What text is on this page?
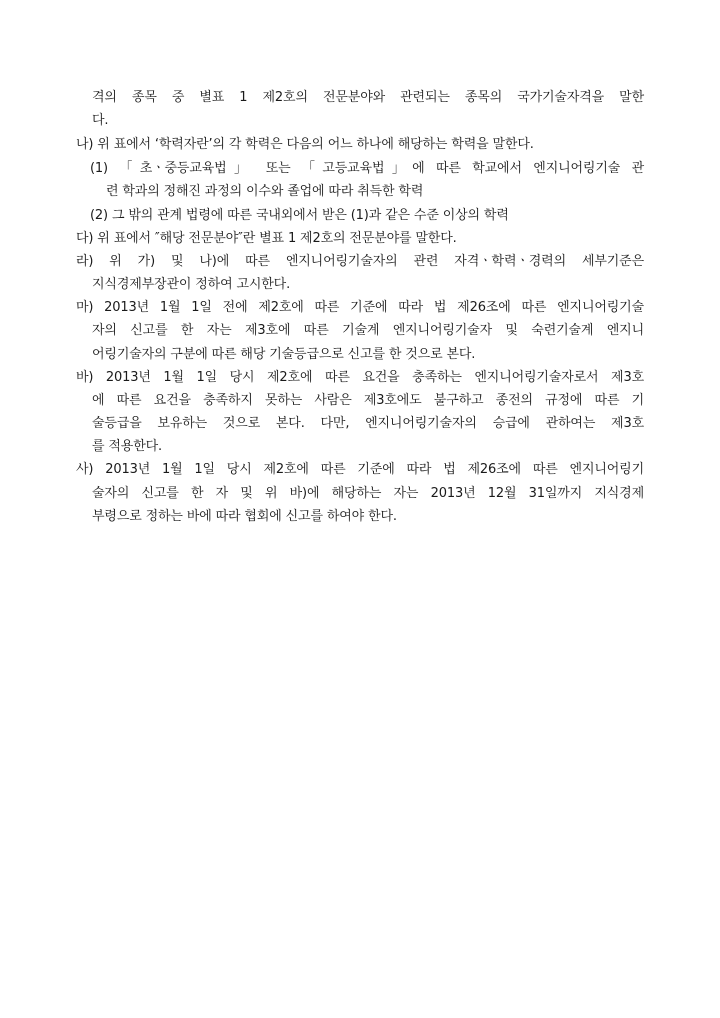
격의 종목 중 별표 1 제2호의 전문분야와 관련되는 종목의 국가기술자격을 말한
다.
나) 위 표에서 ‘학력자란’의 각 학력은 다음의 어느 하나에 해당하는 학력을 말한다.
(1) 「초ㆍ중등교육법」 또는 「고등교육법」에 따른 학교에서 엔지니어링기술 관
련 학과의 정해진 과정의 이수와 졸업에 따라 취득한 학력
(2) 그 밖의 관계 법령에 따른 국내외에서 받은 (1)과 같은 수준 이상의 학력
다) 위 표에서 ″해당 전문분야″란 별표 1 제2호의 전문분야를 말한다.
라) 위 가) 및 나)에 따른 엔지니어링기술자의 관련 자격ㆍ학력ㆍ경력의 세부기준은
지식경제부장관이 정하여 고시한다.
마) 2013년 1월 1일 전에 제2호에 따른 기준에 따라 법 제26조에 따른 엔지니어링기술
자의 신고를 한 자는 제3호에 따른 기술계 엔지니어링기술자 및 숙련기술계 엔지니
어링기술자의 구분에 따른 해당 기술등급으로 신고를 한 것으로 본다.
바) 2013년 1월 1일 당시 제2호에 따른 요건을 충족하는 엔지니어링기술자로서 제3호
에 따른 요건을 충족하지 못하는 사람은 제3호에도 불구하고 종전의 규정에 따른 기
술등급을 보유하는 것으로 본다. 다만, 엔지니어링기술자의 승급에 관하여는 제3호
를 적용한다.
사) 2013년 1월 1일 당시 제2호에 따른 기준에 따라 법 제26조에 따른 엔지니어링기
술자의 신고를 한 자 및 위 바)에 해당하는 자는 2013년 12월 31일까지 지식경제
부령으로 정하는 바에 따라 협회에 신고를 하여야 한다.
